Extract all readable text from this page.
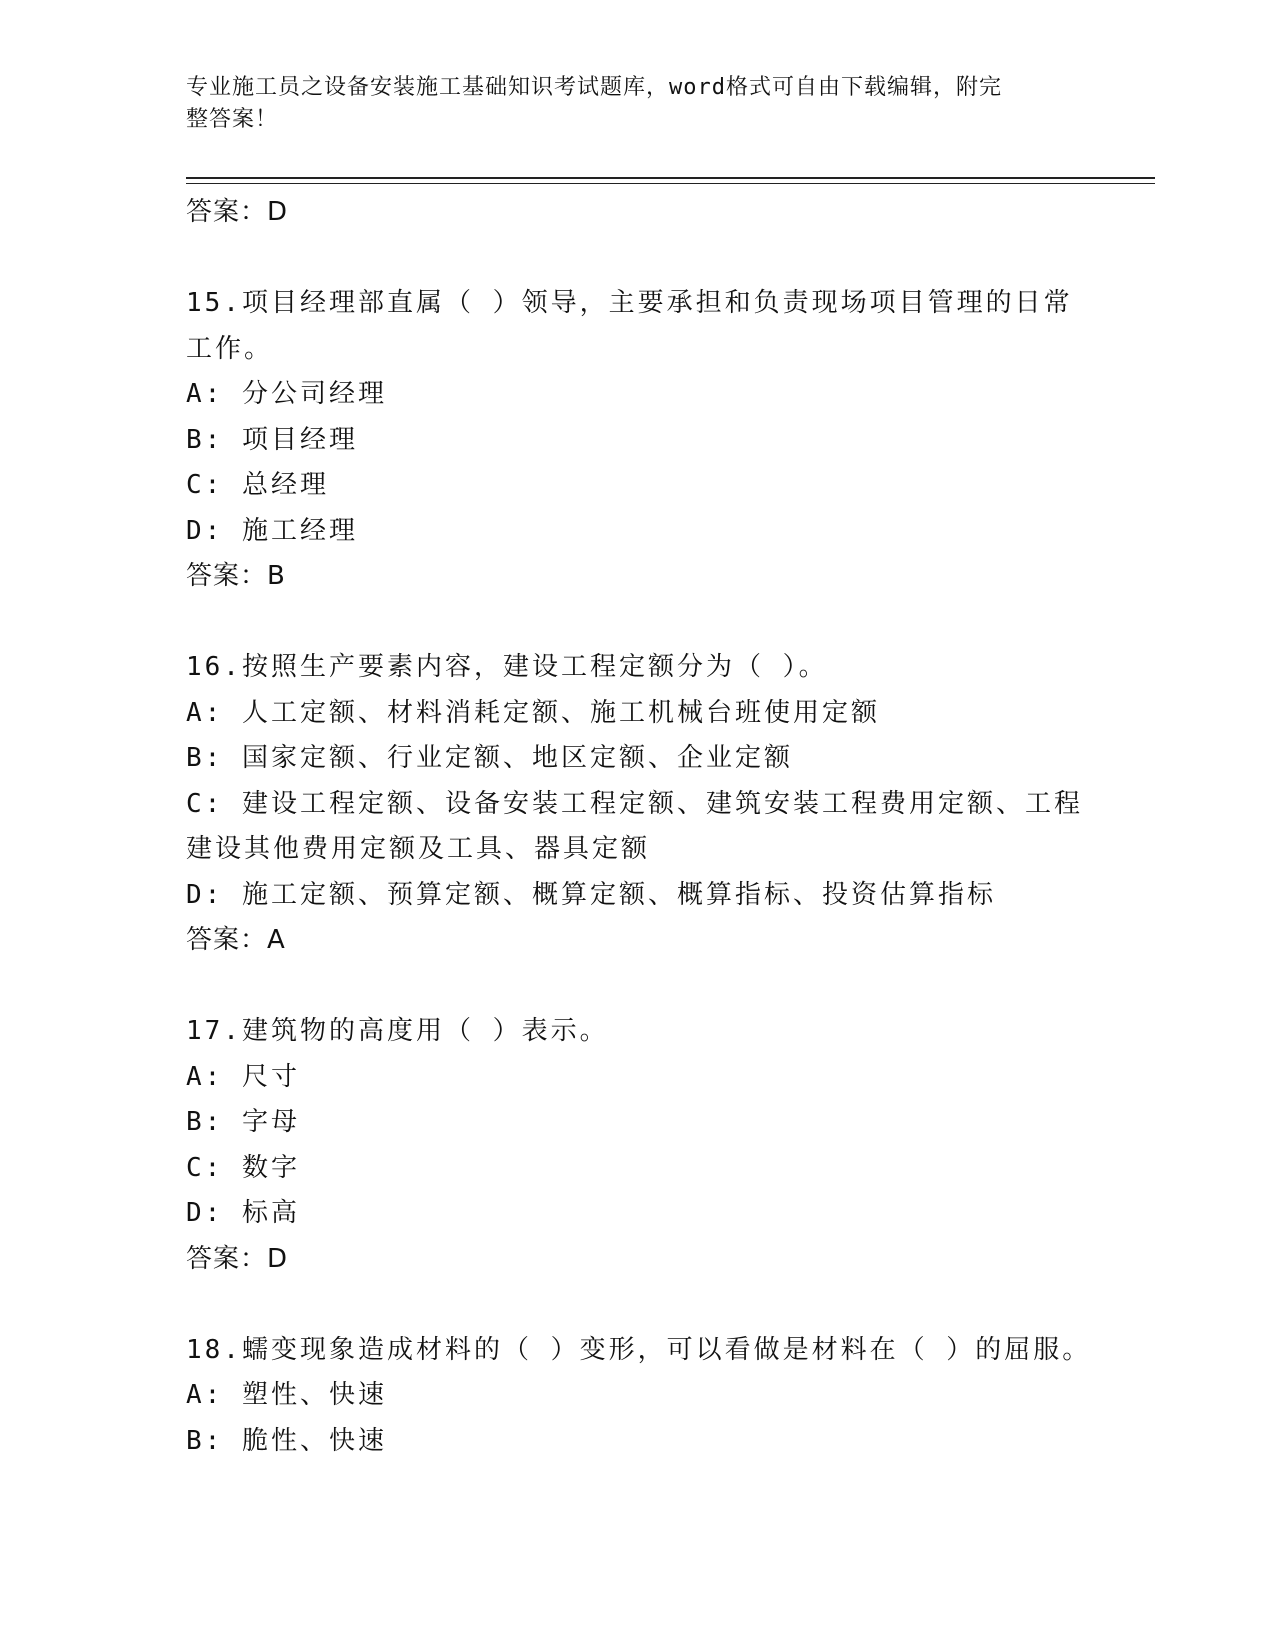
专业施工员之设备安装施工基础知识考试题库，word格式可自由下载编辑，附完
整答案！
答案：D
15.项目经理部直属（ ）领导，主要承担和负责现场项目管理的日常
工作。
A: 分公司经理
B: 项目经理
C: 总经理
D: 施工经理
答案：B
16.按照生产要素内容，建设工程定额分为（ ）。
A: 人工定额、材料消耗定额、施工机械台班使用定额
B: 国家定额、行业定额、地区定额、企业定额
C: 建设工程定额、设备安装工程定额、建筑安装工程费用定额、工程
建设其他费用定额及工具、器具定额
D: 施工定额、预算定额、概算定额、概算指标、投资估算指标
答案：A
17.建筑物的高度用（ ）表示。
A: 尺寸
B: 字母
C: 数字
D: 标高
答案：D
18.蠕变现象造成材料的（ ）变形，可以看做是材料在（ ）的屈服。
A: 塑性、快速
B: 脆性、快速
